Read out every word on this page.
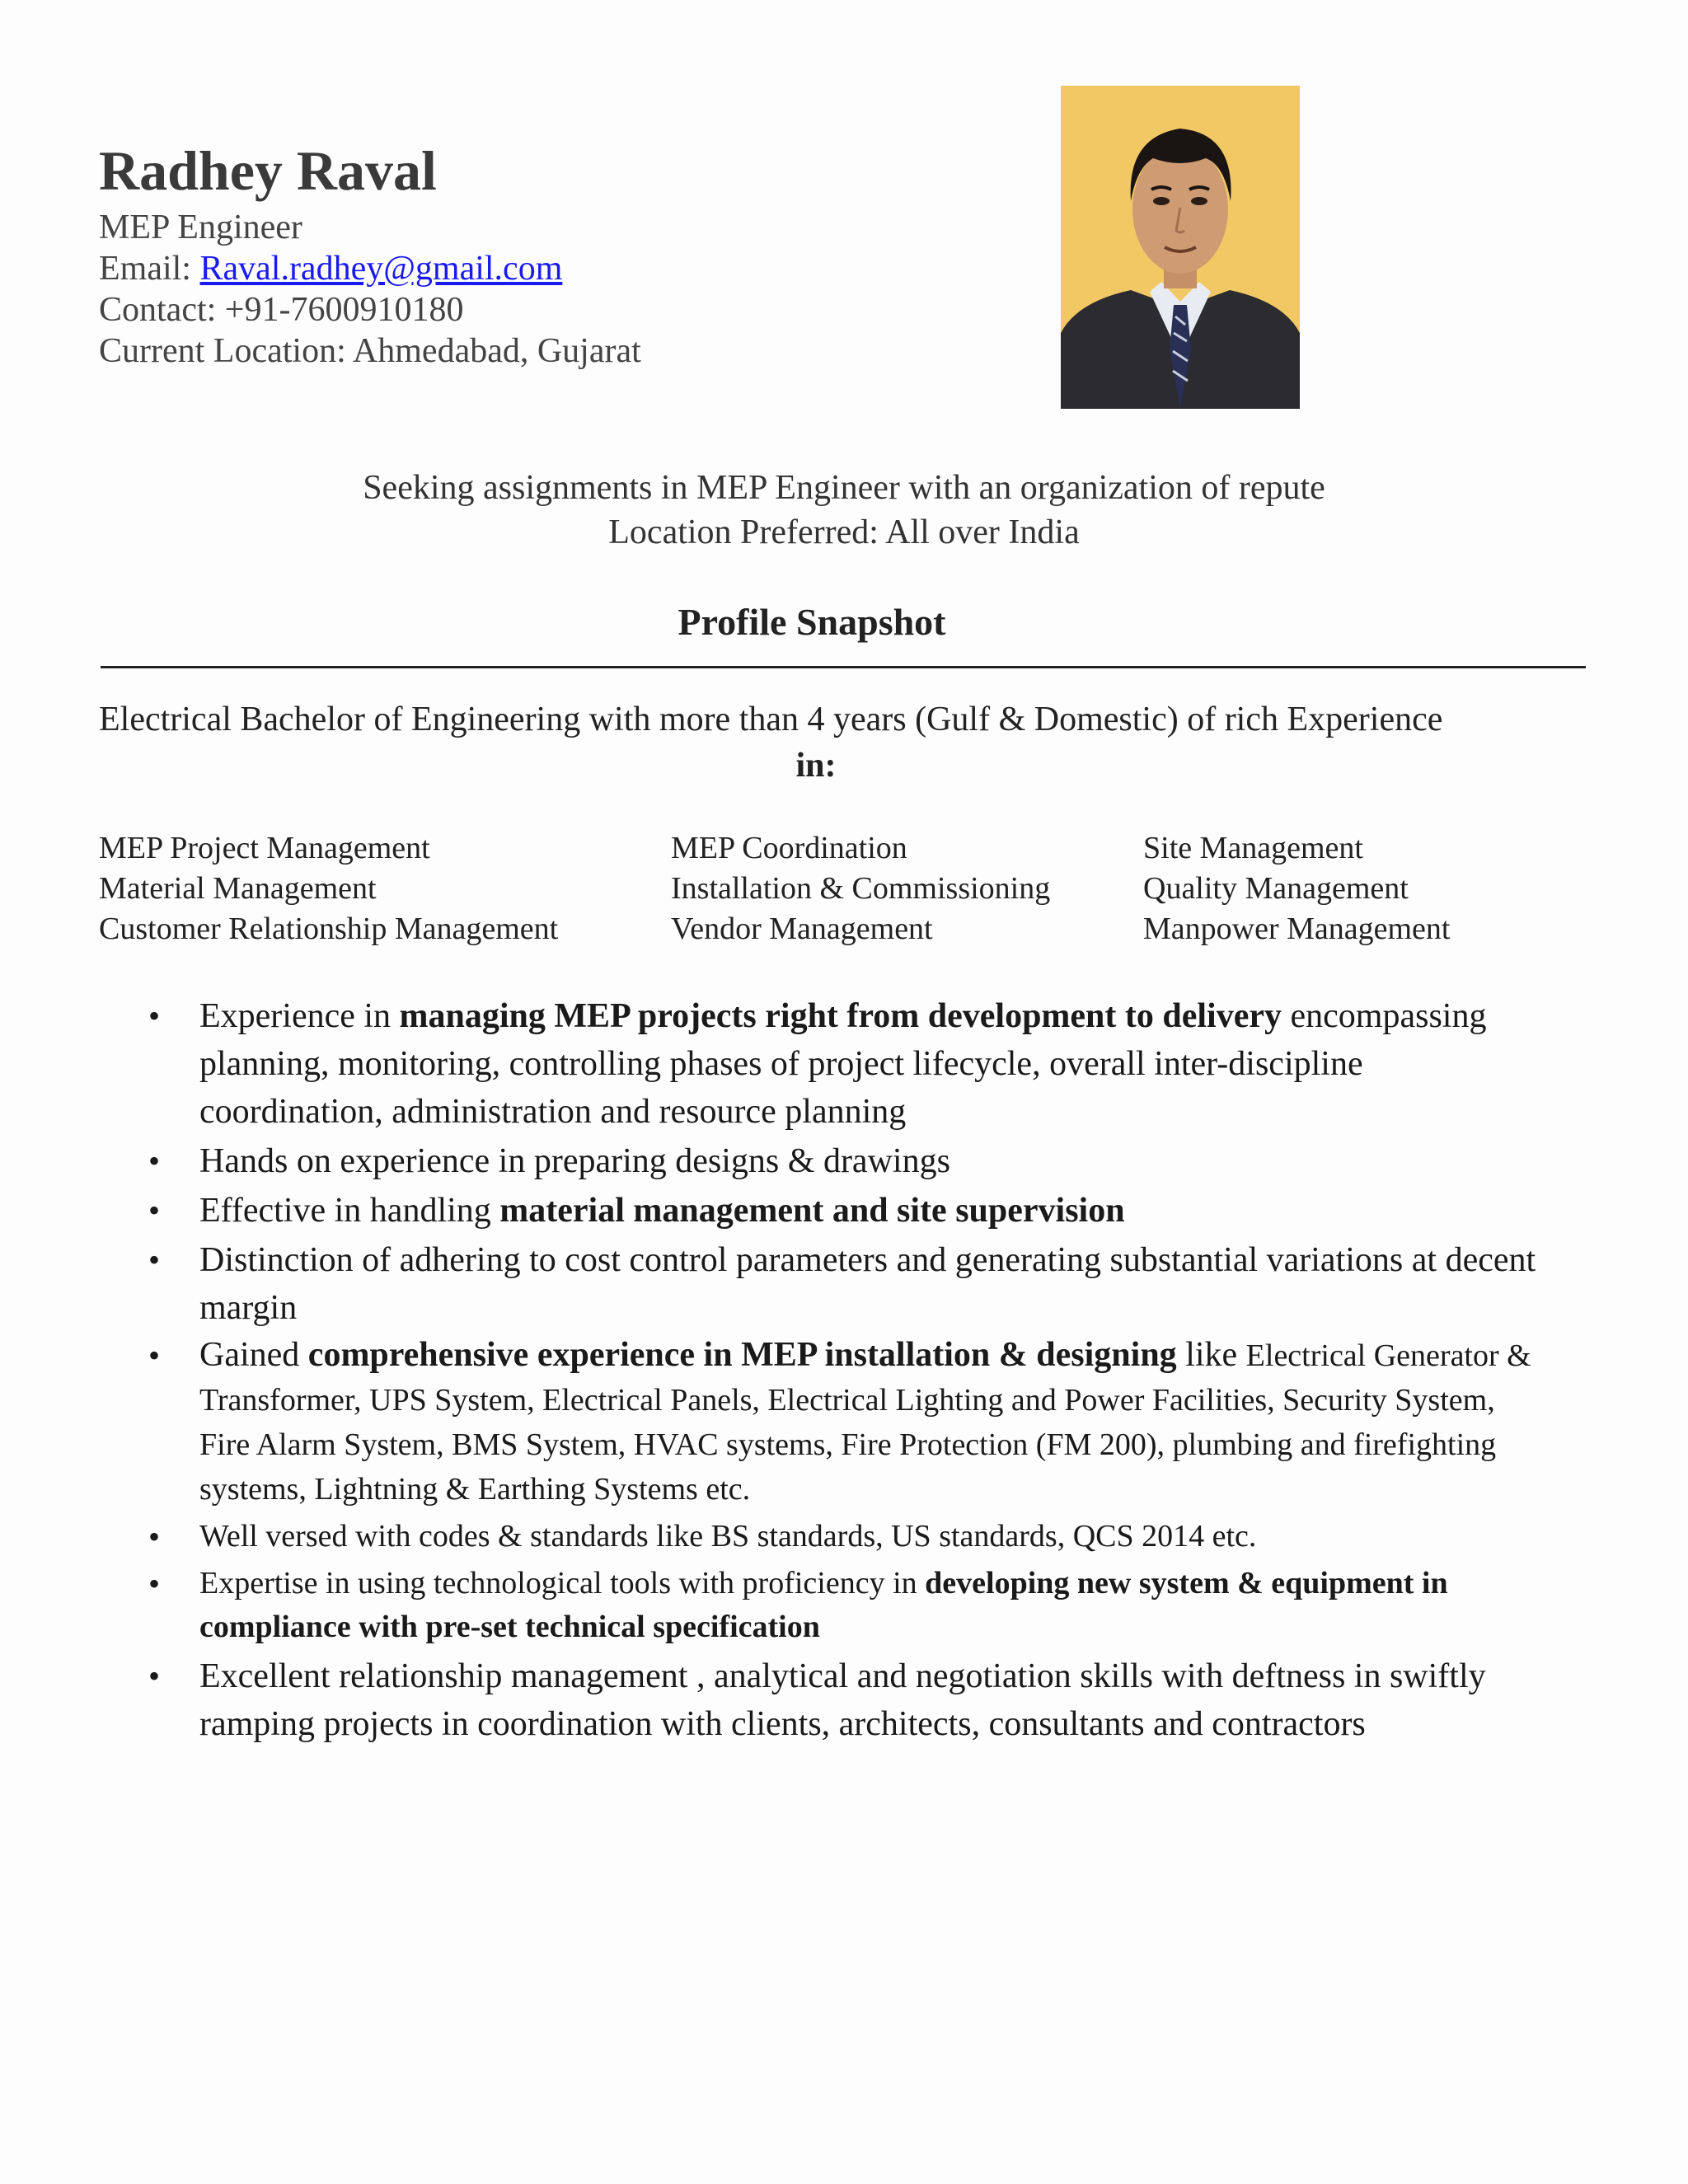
Radhey Raval
MEP Engineer
Email: Raval.radhey@gmail.com
Contact: +91-7600910180
Current Location: Ahmedabad, Gujarat
Seeking assignments in MEP Engineer with an organization of repute
Location Preferred: All over India
Profile Snapshot
Electrical Bachelor of Engineering with more than 4 years (Gulf & Domestic) of rich Experience
in:
MEP Project Management
Material Management
Customer Relationship Management
MEP Coordination
Installation & Commissioning
Vendor Management
Site Management
Quality Management
Manpower Management
• Experience in managing MEP projects right from development to delivery encompassing planning, monitoring, controlling phases of project lifecycle, overall inter-discipline coordination, administration and resource planning
• Hands on experience in preparing designs & drawings
• Effective in handling material management and site supervision
• Distinction of adhering to cost control parameters and generating substantial variations at decent margin
• Gained comprehensive experience in MEP installation & designing like Electrical Generator & Transformer, UPS System, Electrical Panels, Electrical Lighting and Power Facilities, Security System, Fire Alarm System, BMS System, HVAC systems, Fire Protection (FM 200), plumbing and firefighting systems, Lightning & Earthing Systems etc.
• Well versed with codes & standards like BS standards, US standards, QCS 2014 etc.
• Expertise in using technological tools with proficiency in developing new system & equipment in compliance with pre-set technical specification
• Excellent relationship management , analytical and negotiation skills with deftness in swiftly ramping projects in coordination with clients, architects, consultants and contractors
